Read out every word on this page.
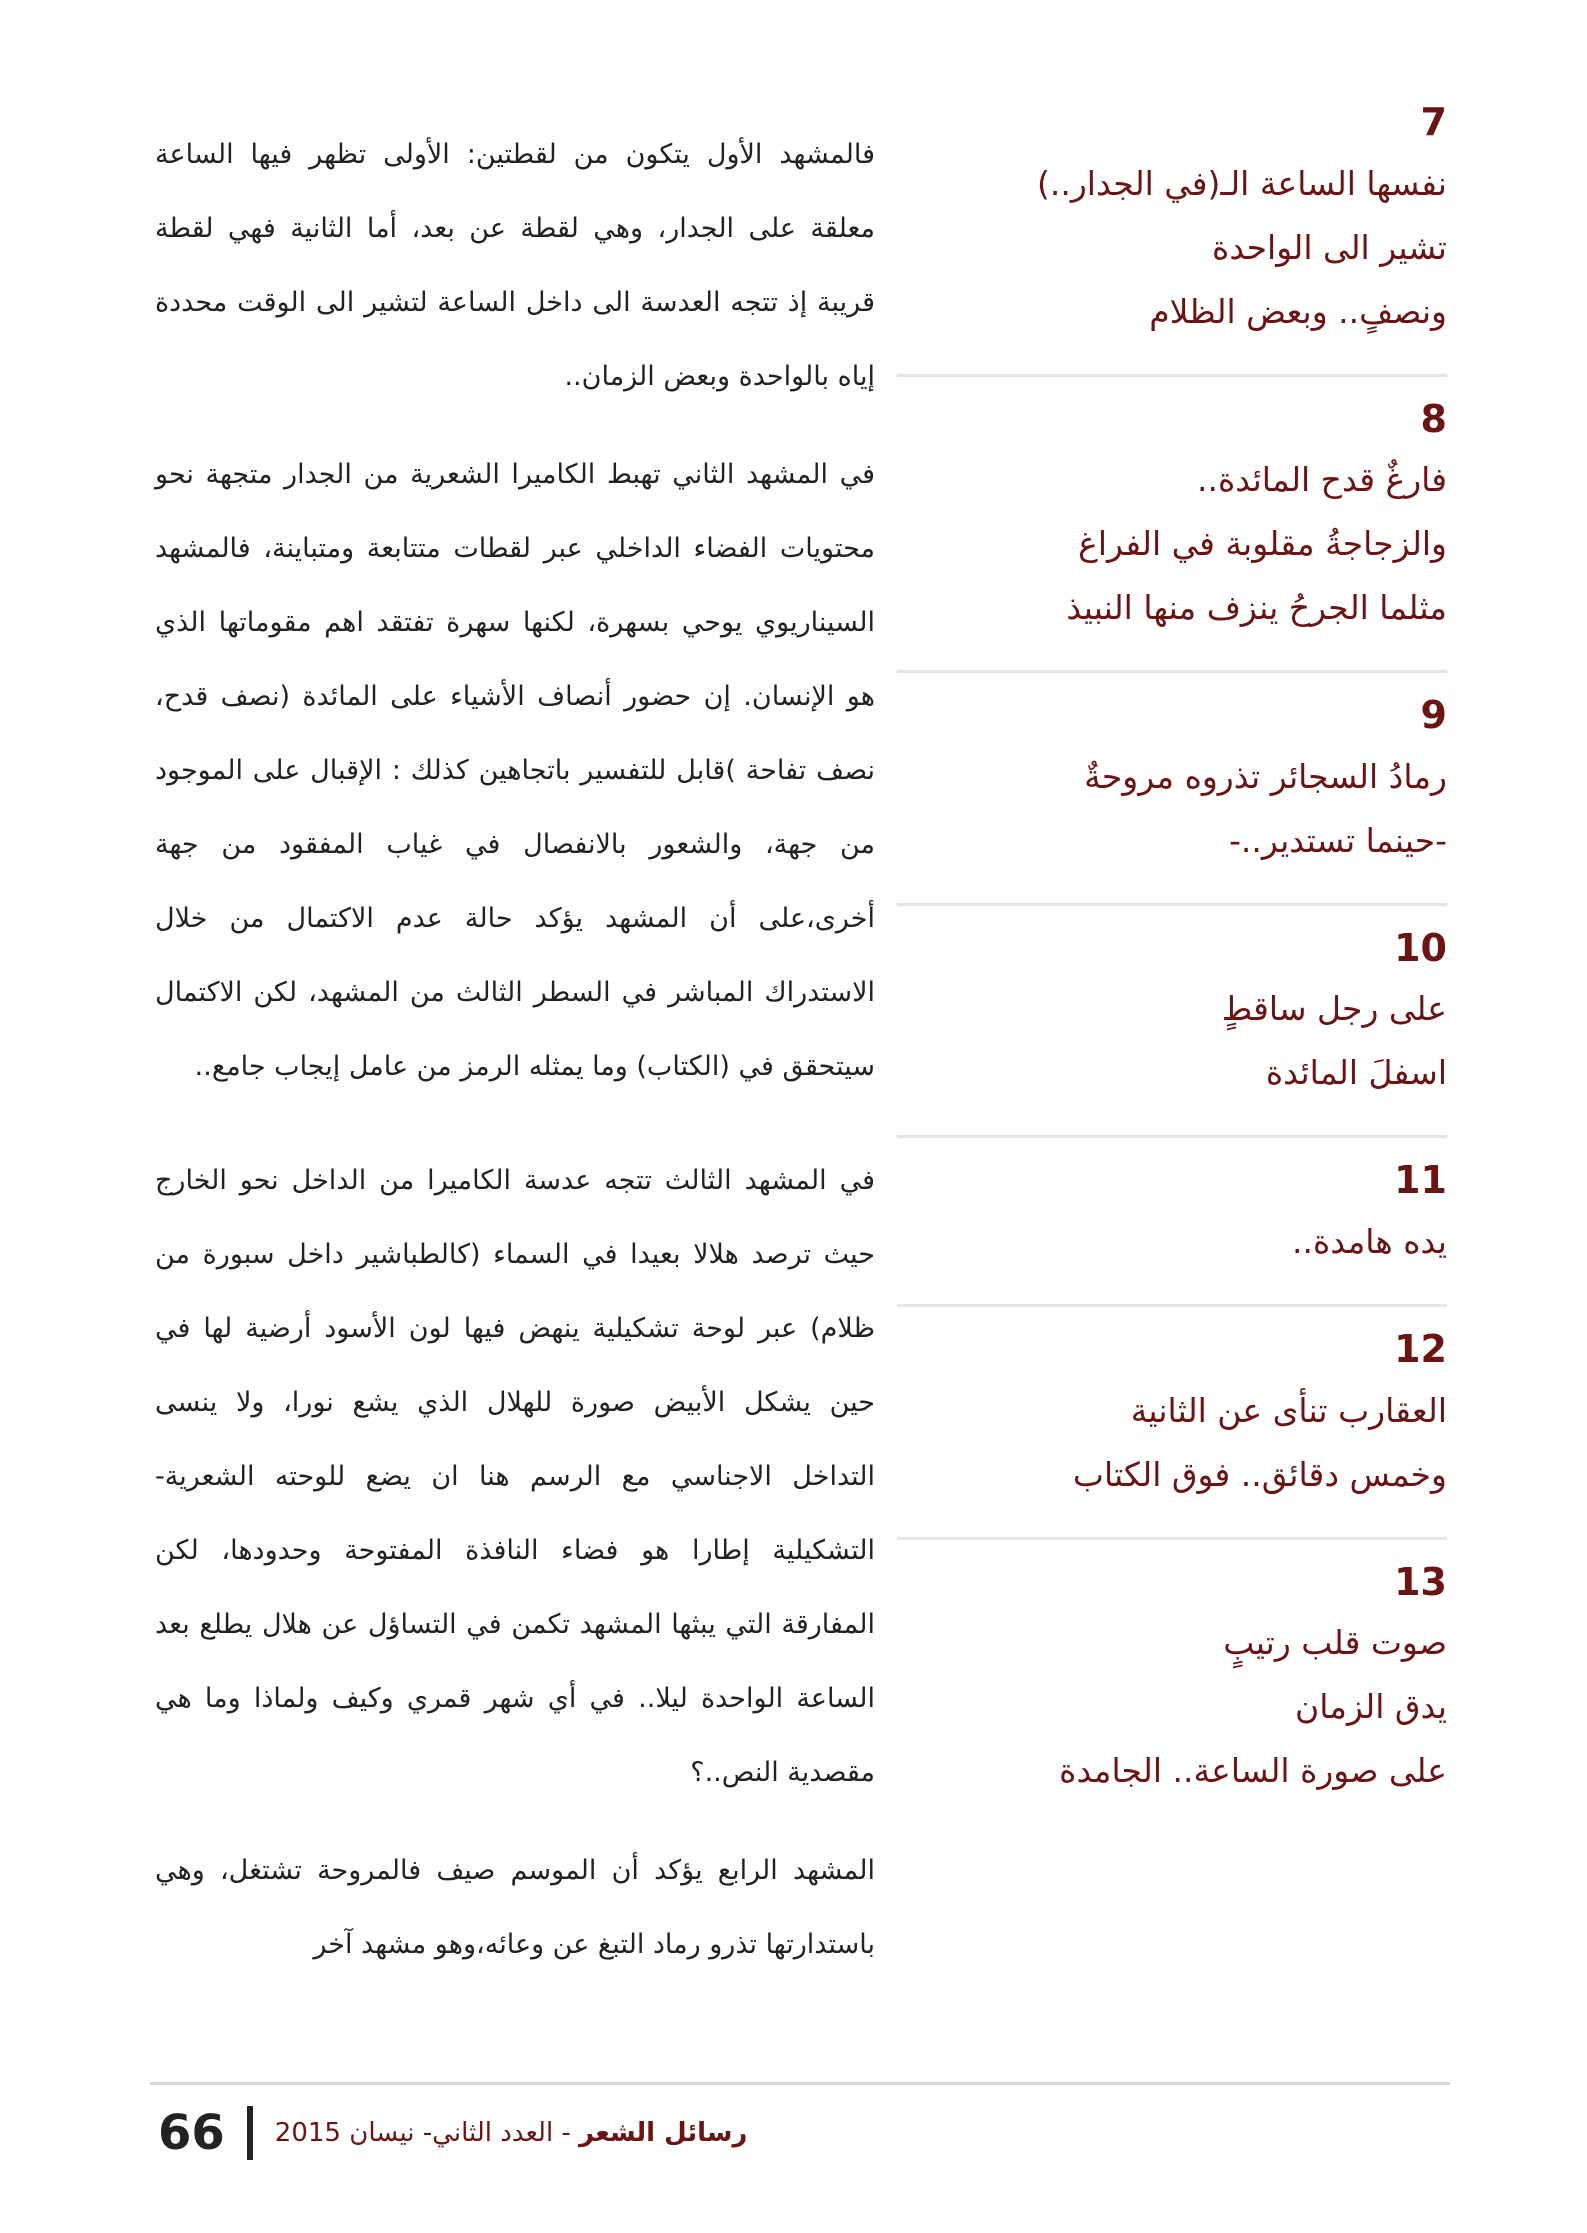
7
نفسها الساعة الـ(في الجدار..)
تشير الى الواحدة
ونصفٍ.. وبعض الظلام
8
فارغٌ قدح المائدة..
والزجاجةُ مقلوبة في الفراغ
مثلما الجرحُ ينزف منها النبيذ
9
رمادُ السجائر تذروه مروحةٌ
-حينما تستدير..-
10
على رجل ساقطٍ
اسفلَ المائدة
11
يده هامدة..
12
العقارب تنأى عن الثانية
وخمس دقائق.. فوق الكتاب
13
صوت قلب رتيبٍ
يدق الزمان
على صورة الساعة.. الجامدة

فالمشهد الأول يتكون من لقطتين: الأولى تظهر فيها الساعة معلقة على الجدار، وهي لقطة عن بعد، أما الثانية فهي لقطة قريبة إذ تتجه العدسة الى داخل الساعة لتشير الى الوقت محددة إياه بالواحدة وبعض الزمان..

في المشهد الثاني تهبط الكاميرا الشعرية من الجدار متجهة نحو محتويات الفضاء الداخلي عبر لقطات متتابعة ومتباينة، فالمشهد السيناريوي يوحي بسهرة، لكنها سهرة تفتقد اهم مقوماتها الذي هو الإنسان. إن حضور أنصاف الأشياء على المائدة (نصف قدح، نصف تفاحة )قابل للتفسير باتجاهين كذلك : الإقبال على الموجود من جهة، والشعور بالانفصال في غياب المفقود من جهة أخرى،على أن المشهد يؤكد حالة عدم الاكتمال من خلال الاستدراك المباشر في السطر الثالث من المشهد، لكن الاكتمال سيتحقق في (الكتاب) وما يمثله الرمز من عامل إيجاب جامع..

في المشهد الثالث تتجه عدسة الكاميرا من الداخل نحو الخارج حيث ترصد هلالا بعيدا في السماء (كالطباشير داخل سبورة من ظلام) عبر لوحة تشكيلية ينهض فيها لون الأسود أرضية لها في حين يشكل الأبيض صورة للهلال الذي يشع نورا، ولا ينسى التداخل الاجناسي مع الرسم هنا ان يضع للوحته الشعرية-التشكيلية إطارا هو فضاء النافذة المفتوحة وحدودها، لكن المفارقة التي يبثها المشهد تكمن في التساؤل عن هلال يطلع بعد الساعة الواحدة ليلا.. في أي شهر قمري وكيف ولماذا وما هي مقصدية النص..؟

المشهد الرابع يؤكد أن الموسم صيف فالمروحة تشتغل، وهي باستدارتها تذرو رماد التبغ عن وعائه،وهو مشهد آخر

66	رسائل الشعر - العدد الثاني- نيسان 2015
